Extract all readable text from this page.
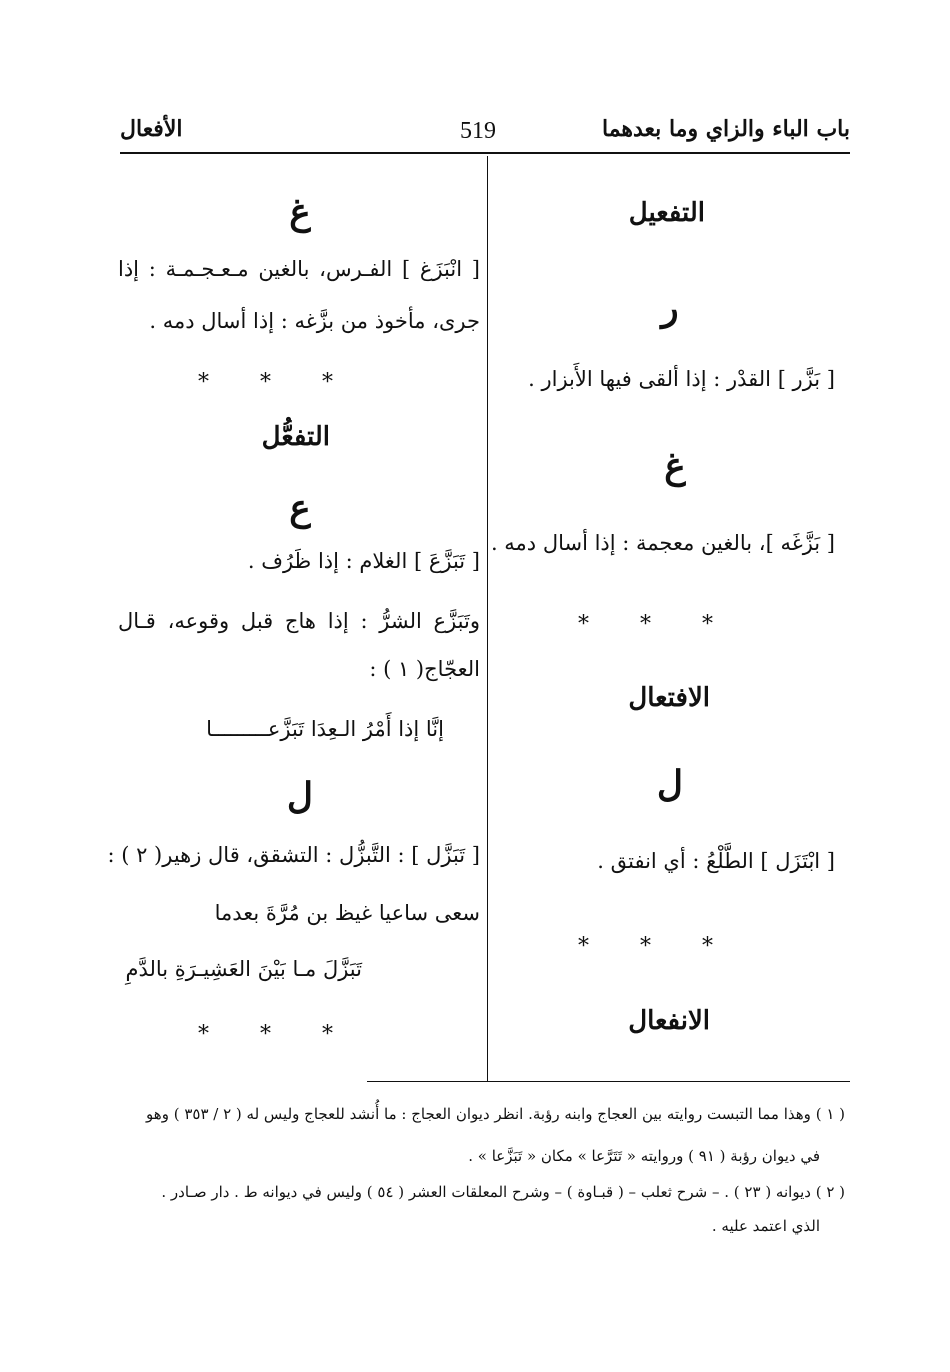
باب الباء والزاي وما بعدهما
519
الأفعال
التفعيل
ر
[ بَزَّر ] القدْر : إذا ألقى فيها الأَبزار .
غ
[ بَزَّغَه ]، بالغين معجمة : إذا أسال دمه .
* * *
الافتعال
ل
[ ابْتَزَل ] الطَّلْعُ : أي انفتق .
* * *
الانفعال
غ
[ انْبَزَغ ] الفـرس، بالغين مـعـجـمـة : إذا
جرى، مأخوذ من بزَّغه : إذا أسال دمه .
* * *
التفعُّل
ع
[ تَبَزَّعَ ] الغلام : إذا ظَرُف .
وتَبَزَّع الشرُّ : إذا هاج قبل وقوعه، قـال
العجّاج( ١ ) :
إنَّا إذا أَمْرُ الـعِدَا تَبَزَّعـــــــــا
ل
[ تَبَزَّل ] : التَّبزُّل : التشقق، قال زهير( ٢ ) :
سعى ساعيا غيظ بن مُرَّةَ بعدما
تَبَزَّلَ مـا بَيْنَ العَشِيـرَةِ بالدَّمِ
* * *
( ١ ) وهذا مما التبست روايته بين العجاج وابنه رؤبة. انظر ديوان العجاج : ما أُنشد للعجاج وليس له ( ٢ / ٣٥٣ ) وهو
في ديوان رؤبة ( ٩١ ) وروايته « تَتَرَّعا » مكان « تَبَزَّعا » .
( ٢ ) ديوانه ( ٢٣ ) . – شرح ثعلب – ( قبـاوة ) – وشرح المعلقات العشر ( ٥٤ ) وليس في ديوانه ط . دار صـادر .
الذي اعتمد عليه .
